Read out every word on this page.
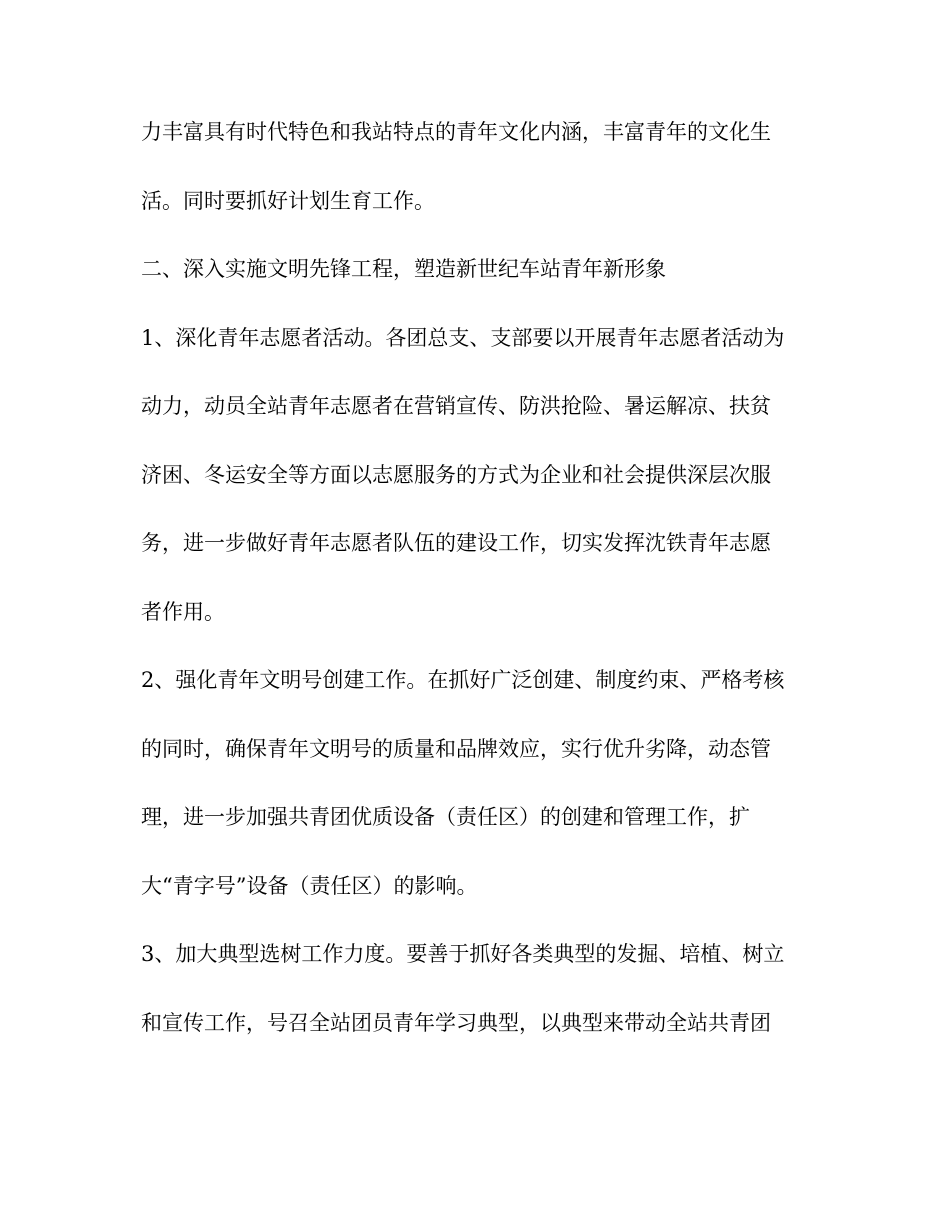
力丰富具有时代特色和我站特点的青年文化内涵，丰富青年的文化生
活。同时要抓好计划生育工作。
二、深入实施文明先锋工程，塑造新世纪车站青年新形象
1、深化青年志愿者活动。各团总支、支部要以开展青年志愿者活动为
动力，动员全站青年志愿者在营销宣传、防洪抢险、暑运解凉、扶贫
济困、冬运安全等方面以志愿服务的方式为企业和社会提供深层次服
务，进一步做好青年志愿者队伍的建设工作，切实发挥沈铁青年志愿
者作用。
2、强化青年文明号创建工作。在抓好广泛创建、制度约束、严格考核
的同时，确保青年文明号的质量和品牌效应，实行优升劣降，动态管
理，进一步加强共青团优质设备（责任区）的创建和管理工作，扩
大“青字号”设备（责任区）的影响。
3、加大典型选树工作力度。要善于抓好各类典型的发掘、培植、树立
和宣传工作，号召全站团员青年学习典型，以典型来带动全站共青团
